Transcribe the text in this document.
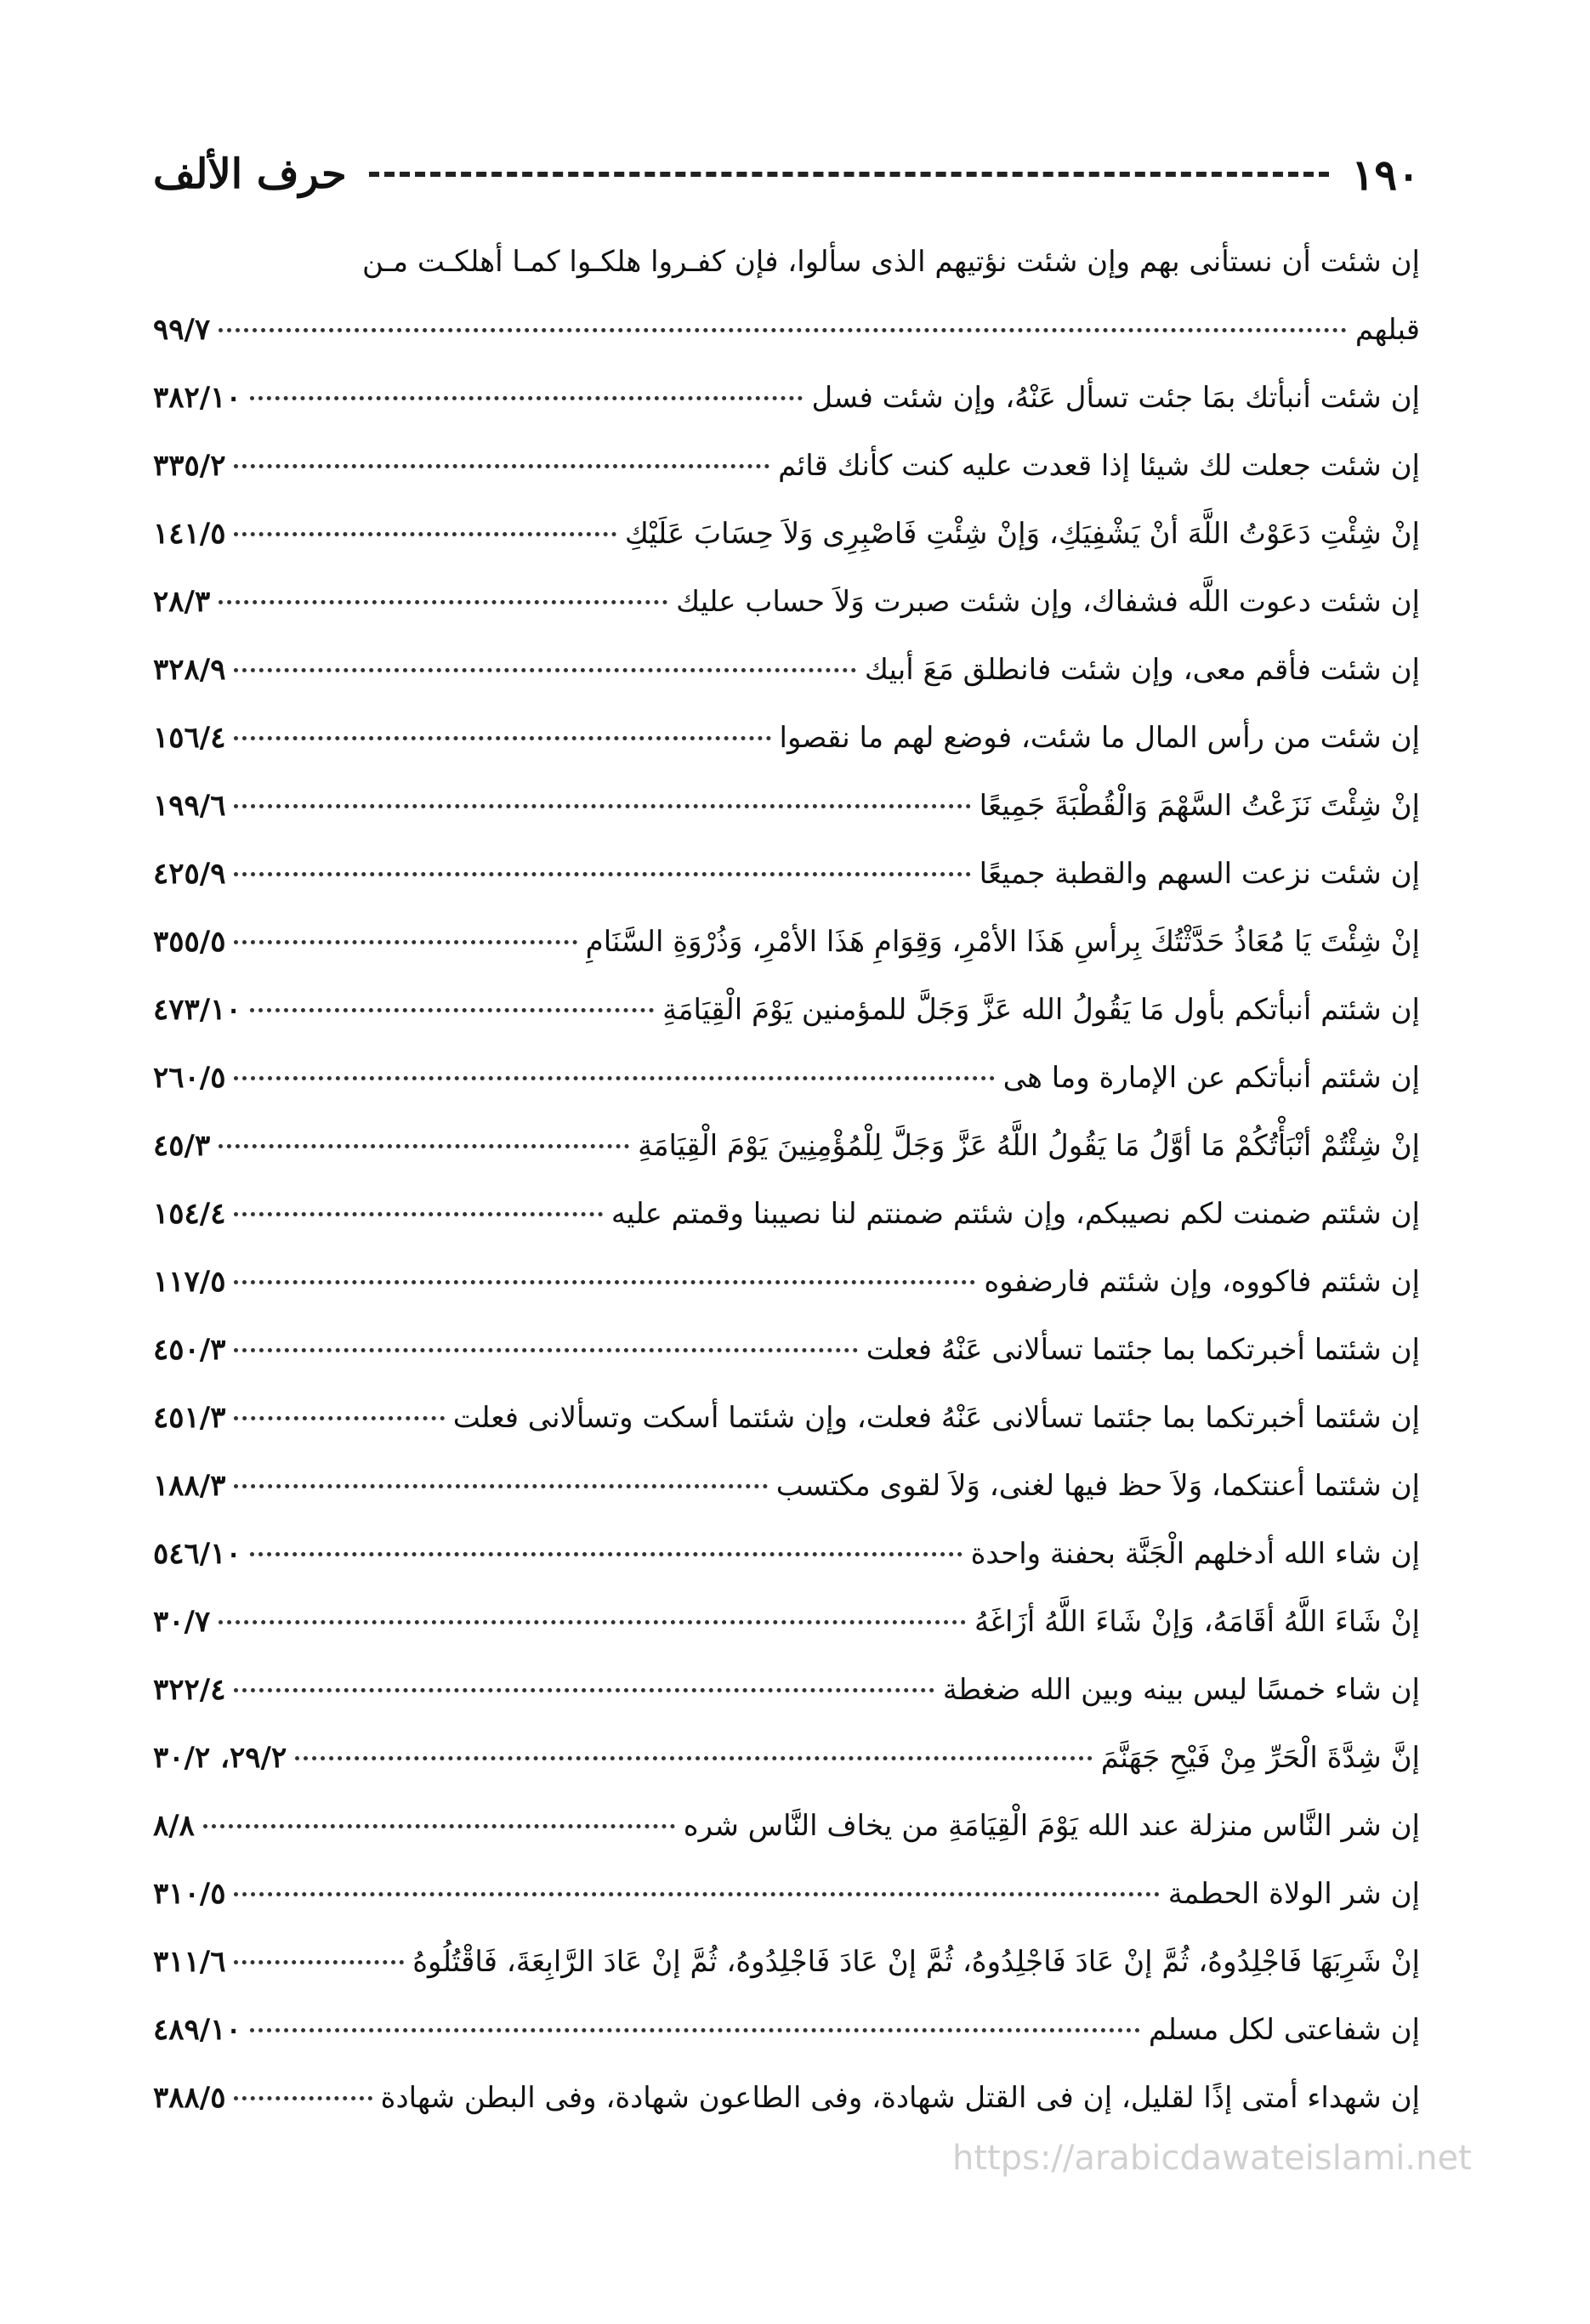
١٩٠
حرف الألف
إن شئت أن نستأنى بهم وإن شئت نؤتيهم الذى سألوا، فإن كفـروا هلكـوا كمـا أهلكـت مـن
قبلهم
٩٩/٧
إن شئت أنبأتك بمَا جئت تسأل عَنْهُ، وإن شئت فسل
٣٨٢/١٠
إن شئت جعلت لك شيئا إذا قعدت عليه كنت كأنك قائم
٣٣٥/٢
إنْ شِئْتِ دَعَوْتُ اللَّهَ أنْ يَشْفِيَكِ، وَإنْ شِئْتِ فَاصْبِرِى وَلاَ حِسَابَ عَلَيْكِ
١٤١/٥
إن شئت دعوت اللَّه فشفاك، وإن شئت صبرت وَلاَ حساب عليك
٢٨/٣
إن شئت فأقم معى، وإن شئت فانطلق مَعَ أبيك
٣٢٨/٩
إن شئت من رأس المال ما شئت، فوضع لهم ما نقصوا
١٥٦/٤
إنْ شِئْتَ نَزَعْتُ السَّهْمَ وَالْقُطْبَةَ جَمِيعًا
١٩٩/٦
إن شئت نزعت السهم والقطبة جميعًا
٤٢٥/٩
إنْ شِئْتَ يَا مُعَاذُ حَدَّثْتُكَ بِرأسِ هَذَا الأمْرِ، وَقِوَامِ هَذَا الأمْرِ، وَذُرْوَةِ السَّنَامِ
٣٥٥/٥
إن شئتم أنبأتكم بأول مَا يَقُولُ الله عَزَّ وَجَلَّ للمؤمنين يَوْمَ الْقِيَامَةِ
٤٧٣/١٠
إن شئتم أنبأتكم عن الإمارة وما هى
٢٦٠/٥
إنْ شِئْتُمْ أنْبَأْتُكُمْ مَا أوَّلُ مَا يَقُولُ اللَّهُ عَزَّ وَجَلَّ لِلْمُؤْمِنِينَ يَوْمَ الْقِيَامَةِ
٤٥/٣
إن شئتم ضمنت لكم نصيبكم، وإن شئتم ضمنتم لنا نصيبنا وقمتم عليه
١٥٤/٤
إن شئتم فاكووه، وإن شئتم فارضفوه
١١٧/٥
إن شئتما أخبرتكما بما جئتما تسألانى عَنْهُ فعلت
٤٥٠/٣
إن شئتما أخبرتكما بما جئتما تسألانى عَنْهُ فعلت، وإن شئتما أسكت وتسألانى فعلت
٤٥١/٣
إن شئتما أعنتكما، وَلاَ حظ فيها لغنى، وَلاَ لقوى مكتسب
١٨٨/٣
إن شاء الله أدخلهم الْجَنَّة بحفنة واحدة
٥٤٦/١٠
إنْ شَاءَ اللَّهُ أقَامَهُ، وَإنْ شَاءَ اللَّهُ أزَاغَهُ
٣٠/٧
إن شاء خمسًا ليس بينه وبين الله ضغطة
٣٢٢/٤
إنَّ شِدَّةَ الْحَرِّ مِنْ فَيْحِ جَهَنَّمَ
٢٩/٢، ٣٠/٢
إن شر النَّاس منزلة عند الله يَوْمَ الْقِيَامَةِ من يخاف النَّاس شره
٨/٨
إن شر الولاة الحطمة
٣١٠/٥
إنْ شَرِبَهَا فَاجْلِدُوهُ، ثُمَّ إنْ عَادَ فَاجْلِدُوهُ، ثُمَّ إنْ عَادَ فَاجْلِدُوهُ، ثُمَّ إنْ عَادَ الرَّابِعَةَ، فَاقْتُلُوهُ
٣١١/٦
إن شفاعتى لكل مسلم
٤٨٩/١٠
إن شهداء أمتى إذًا لقليل، إن فى القتل شهادة، وفى الطاعون شهادة، وفى البطن شهادة
٣٨٨/٥
https://arabicdawateislami.net
